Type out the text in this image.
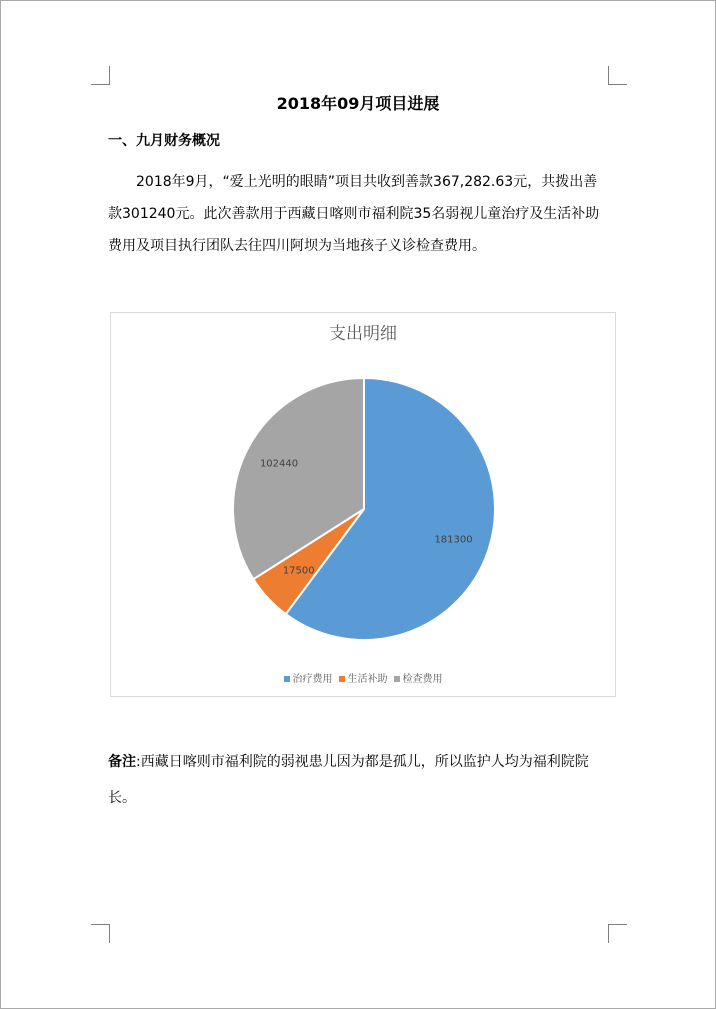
2018年09月项目进展
一、九月财务概况

2018年9月，“爱上光明的眼睛”项目共收到善款367,282.63元，共拨出善款301240元。此次善款用于西藏日喀则市福利院35名弱视儿童治疗及生活补助费用及项目执行团队去往四川阿坝为当地孩子义诊检查费用。

支出明细
181300
17500
102440
治疗费用 生活补助 检查费用

备注:西藏日喀则市福利院的弱视患儿因为都是孤儿，所以监护人均为福利院院长。
